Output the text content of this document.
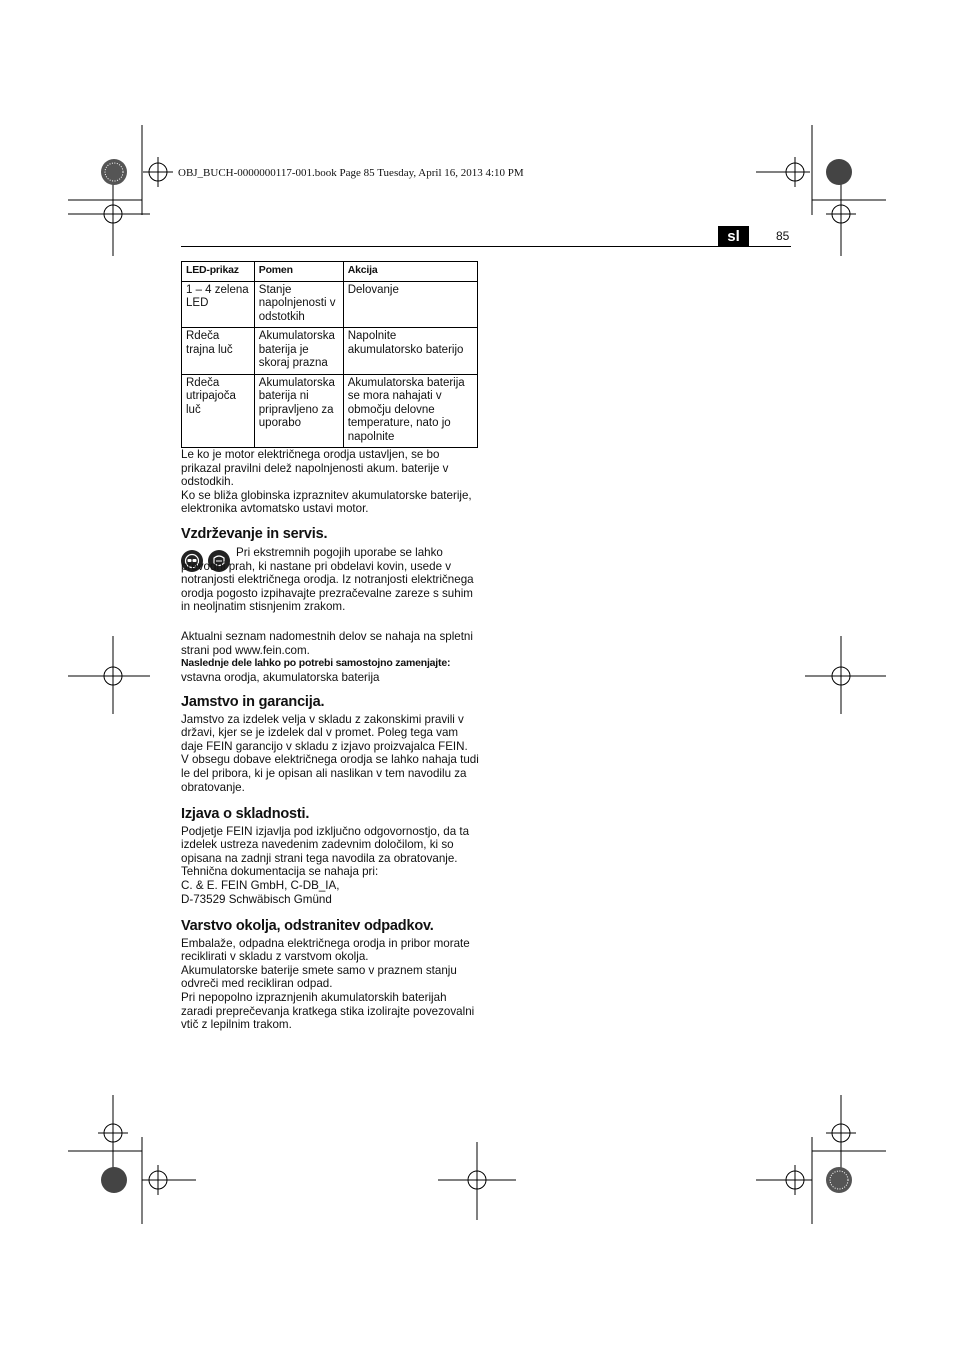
OBJ_BUCH-0000000117-001.book Page 85 Tuesday, April 16, 2013 4:10 PM
sl	85
LED-prikaz	Pomen	Akcija
1 – 4 zelena LED	Stanje napolnjenosti v odstotkih	Delovanje
Rdeča trajna luč	Akumulatorska baterija je skoraj prazna	Napolnite akumulatorsko baterijo
Rdeča utripajoča luč	Akumulatorska baterija ni pripravljeno za uporabo	Akumulatorska baterija se mora nahajati v območju delovne temperature, nato jo napolnite

Le ko je motor električnega orodja ustavljen, se bo prikazal pravilni delež napolnjenosti akum. baterije v odstodkih.

Ko se bliža globinska izpraznitev akumulatorske baterije, elektronika avtomatsko ustavi motor.

Vzdrževanje in servis.

Pri ekstremnih pogojih uporabe se lahko prevodni prah, ki nastane pri obdelavi kovin, usede v notranjosti električnega orodja. Iz notranjosti električnega orodja pogosto izpihavajte prezračevalne zareze s suhim in neoljnatim stisnjenim zrakom.

Aktualni seznam nadomestnih delov se nahaja na spletni strani pod www.fein.com.

Naslednje dele lahko po potrebi samostojno zamenjajte:

vstavna orodja, akumulatorska baterija

Jamstvo in garancija.

Jamstvo za izdelek velja v skladu z zakonskimi pravili v državi, kjer se je izdelek dal v promet. Poleg tega vam daje FEIN garancijo v skladu z izjavo proizvajalca FEIN.

V obsegu dobave električnega orodja se lahko nahaja tudi le del pribora, ki je opisan ali naslikan v tem navodilu za obratovanje.

Izjava o skladnosti.

Podjetje FEIN izjavlja pod izključno odgovornostjo, da ta izdelek ustreza navedenim zadevnim določilom, ki so opisana na zadnji strani tega navodila za obratovanje.

Tehnična dokumentacija se nahaja pri:

C. & E. FEIN GmbH, C-DB_IA,

D-73529 Schwäbisch Gmünd

Varstvo okolja, odstranitev odpadkov.

Embalaže, odpadna električnega orodja in pribor morate reciklirati v skladu z varstvom okolja.

Akumulatorske baterije smete samo v praznem stanju odvreči med recikliran odpad.

Pri nepopolno izpraznjenih akumulatorskih baterijah zaradi preprečevanja kratkega stika izolirajte povezovalni vtič z lepilnim trakom.
